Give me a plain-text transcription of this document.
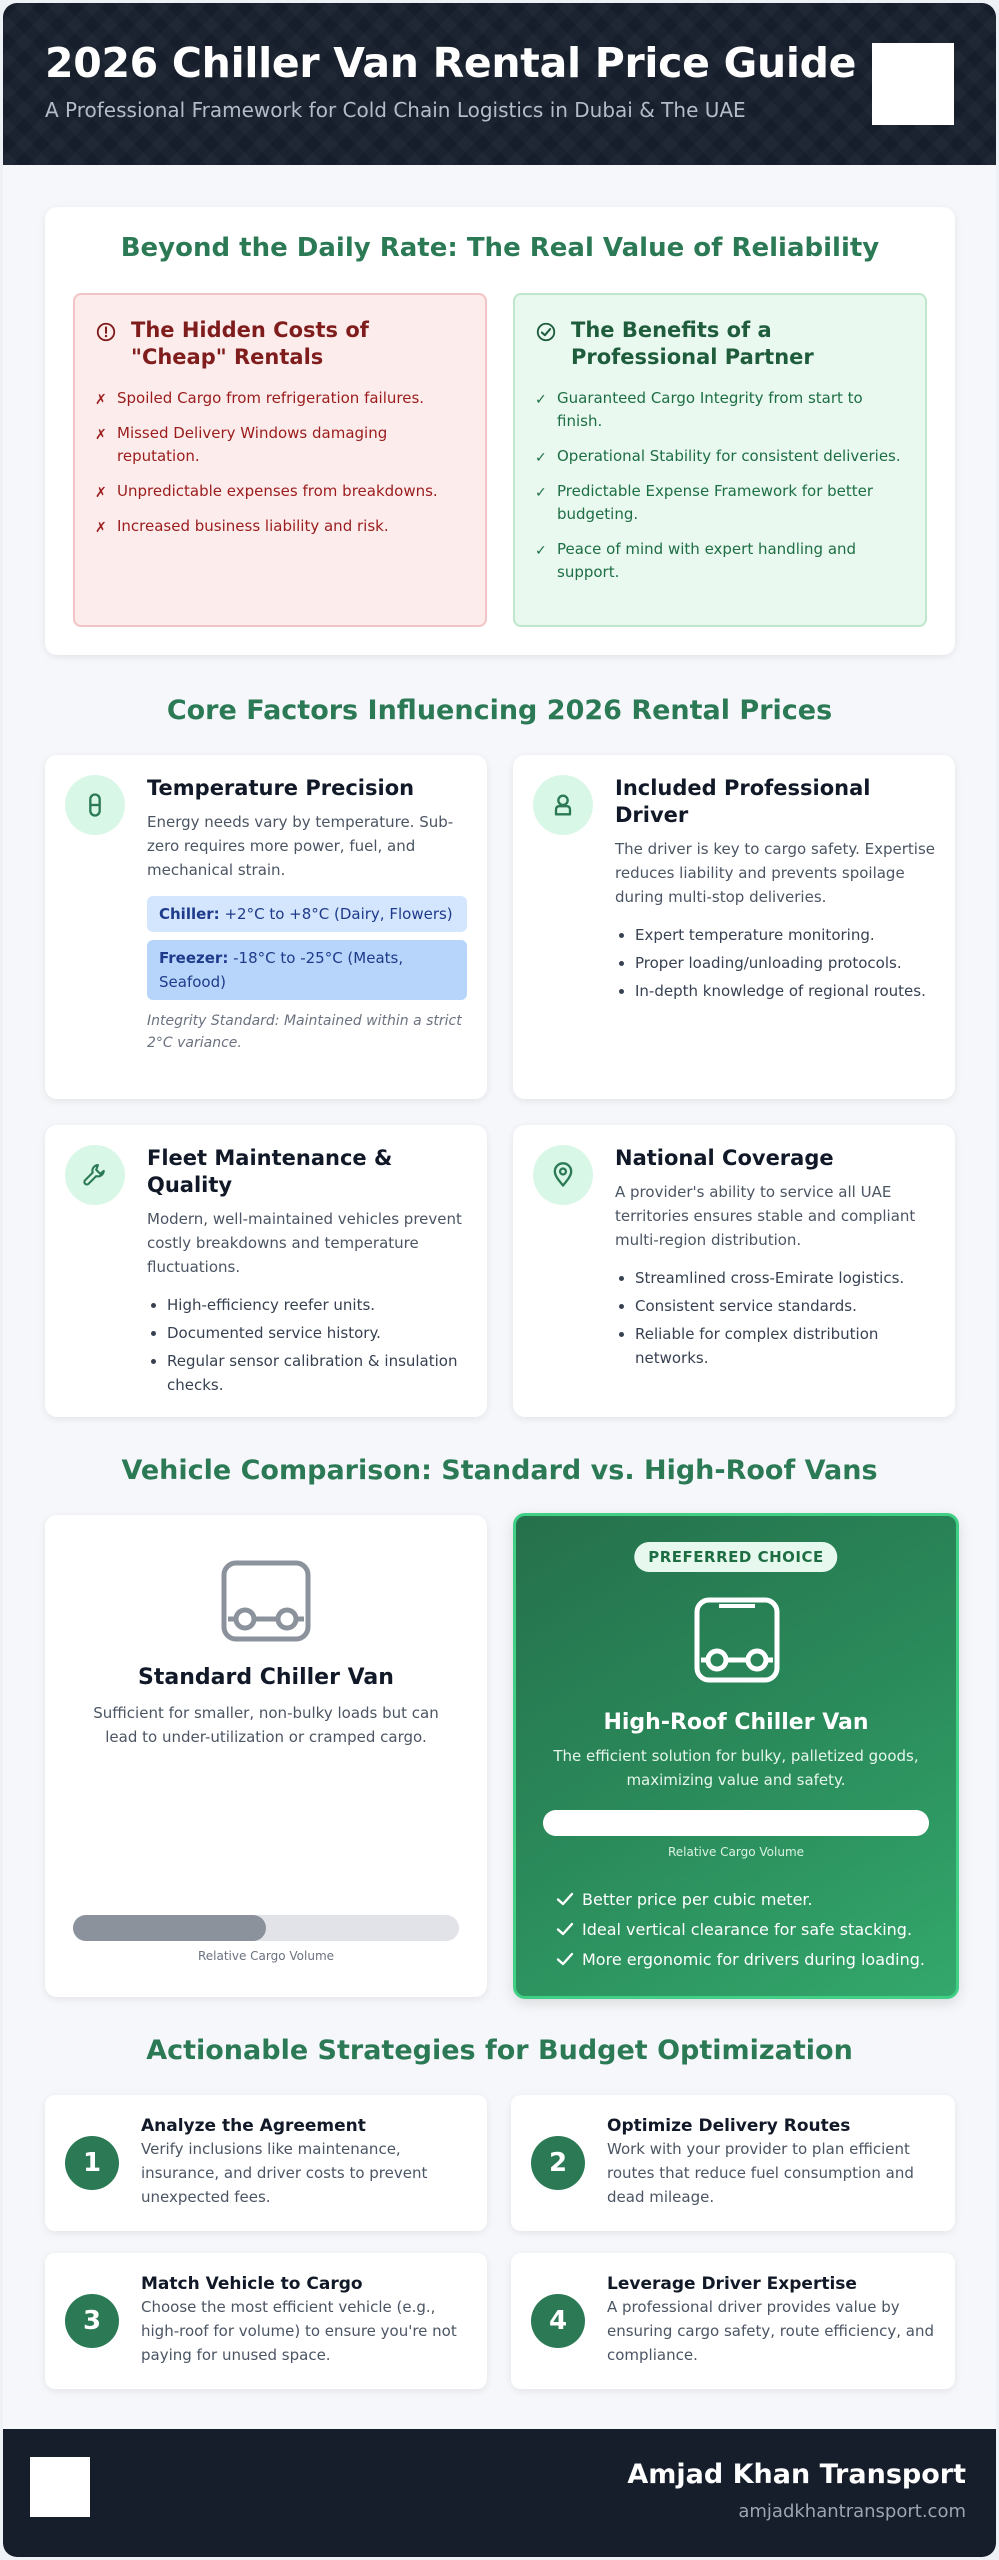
2026 Chiller Van Rental Price Guide
A Professional Framework for Cold Chain Logistics in Dubai & The UAE
Beyond the Daily Rate: The Real Value of Reliability
The Hidden Costs of "Cheap" Rentals
✗ Spoiled Cargo from refrigeration failures.
✗ Missed Delivery Windows damaging reputation.
✗ Unpredictable expenses from breakdowns.
✗ Increased business liability and risk.
The Benefits of a Professional Partner
✓ Guaranteed Cargo Integrity from start to finish.
✓ Operational Stability for consistent deliveries.
✓ Predictable Expense Framework for better budgeting.
✓ Peace of mind with expert handling and support.
Core Factors Influencing 2026 Rental Prices
Temperature Precision

Energy needs vary by temperature. Sub-zero requires more power, fuel, and mechanical strain.

Chiller: +2°C to +8°C (Dairy, Flowers)
Freezer: -18°C to -25°C (Meats, Seafood)
Integrity Standard: Maintained within a strict 2°C variance.
Included Professional Driver

The driver is key to cargo safety. Expertise reduces liability and prevents spoilage during multi-stop deliveries.

• Expert temperature monitoring.
• Proper loading/unloading protocols.
• In-depth knowledge of regional routes.
Fleet Maintenance & Quality

Modern, well-maintained vehicles prevent costly breakdowns and temperature fluctuations.

• High-efficiency reefer units.
• Documented service history.
• Regular sensor calibration & insulation checks.
National Coverage

A provider's ability to service all UAE territories ensures stable and compliant multi-region distribution.

• Streamlined cross-Emirate logistics.
• Consistent service standards.
• Reliable for complex distribution networks.
Vehicle Comparison: Standard vs. High-Roof Vans
Standard Chiller Van
Sufficient for smaller, non-bulky loads but can lead to under-utilization or cramped cargo.
Relative Cargo Volume
PREFERRED CHOICE
High-Roof Chiller Van
The efficient solution for bulky, palletized goods, maximizing value and safety.
Relative Cargo Volume
Better price per cubic meter.
Ideal vertical clearance for safe stacking.
More ergonomic for drivers during loading.
Actionable Strategies for Budget Optimization
1
Analyze the Agreement

Verify inclusions like maintenance, insurance, and driver costs to prevent unexpected fees.

2
Optimize Delivery Routes

Work with your provider to plan efficient routes that reduce fuel consumption and dead mileage.

3
Match Vehicle to Cargo

Choose the most efficient vehicle (e.g., high-roof for volume) to ensure you're not paying for unused space.

4
Leverage Driver Expertise

A professional driver provides value by ensuring cargo safety, route efficiency, and compliance.

Amjad Khan Transport
amjadkhantransport.com
